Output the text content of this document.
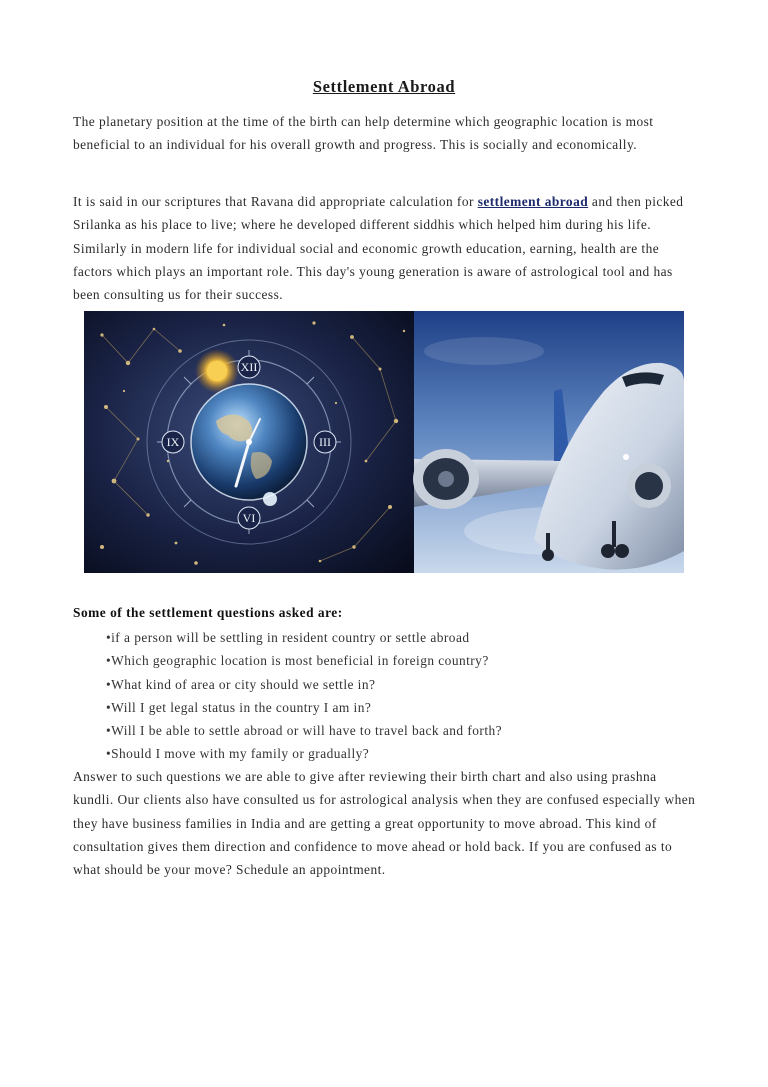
Settlement Abroad

The planetary position at the time of the birth can help determine which geographic location is most beneficial to an individual for his overall growth and progress. This is socially and economically.

It is said in our scriptures that Ravana did appropriate calculation for settlement abroad and then picked Srilanka as his place to live; where he developed different siddhis which helped him during his life. Similarly in modern life for individual social and economic growth education, earning, health are the factors which plays an important role. This day's young generation is aware of astrological tool and has been consulting us for their success.

XII
III
VI
IX
Some of the settlement questions asked are:
• if a person will be settling in resident country or settle abroad
• Which geographic location is most beneficial in foreign country?
• What kind of area or city should we settle in?
• Will I get legal status in the country I am in?
• Will I be able to settle abroad or will have to travel back and forth?
• Should I move with my family or gradually?

Answer to such questions we are able to give after reviewing their birth chart and also using prashna kundli. Our clients also have consulted us for astrological analysis when they are confused especially when they have business families in India and are getting a great opportunity to move abroad. This kind of consultation gives them direction and confidence to move ahead or hold back. If you are confused as to what should be your move? Schedule an appointment.
